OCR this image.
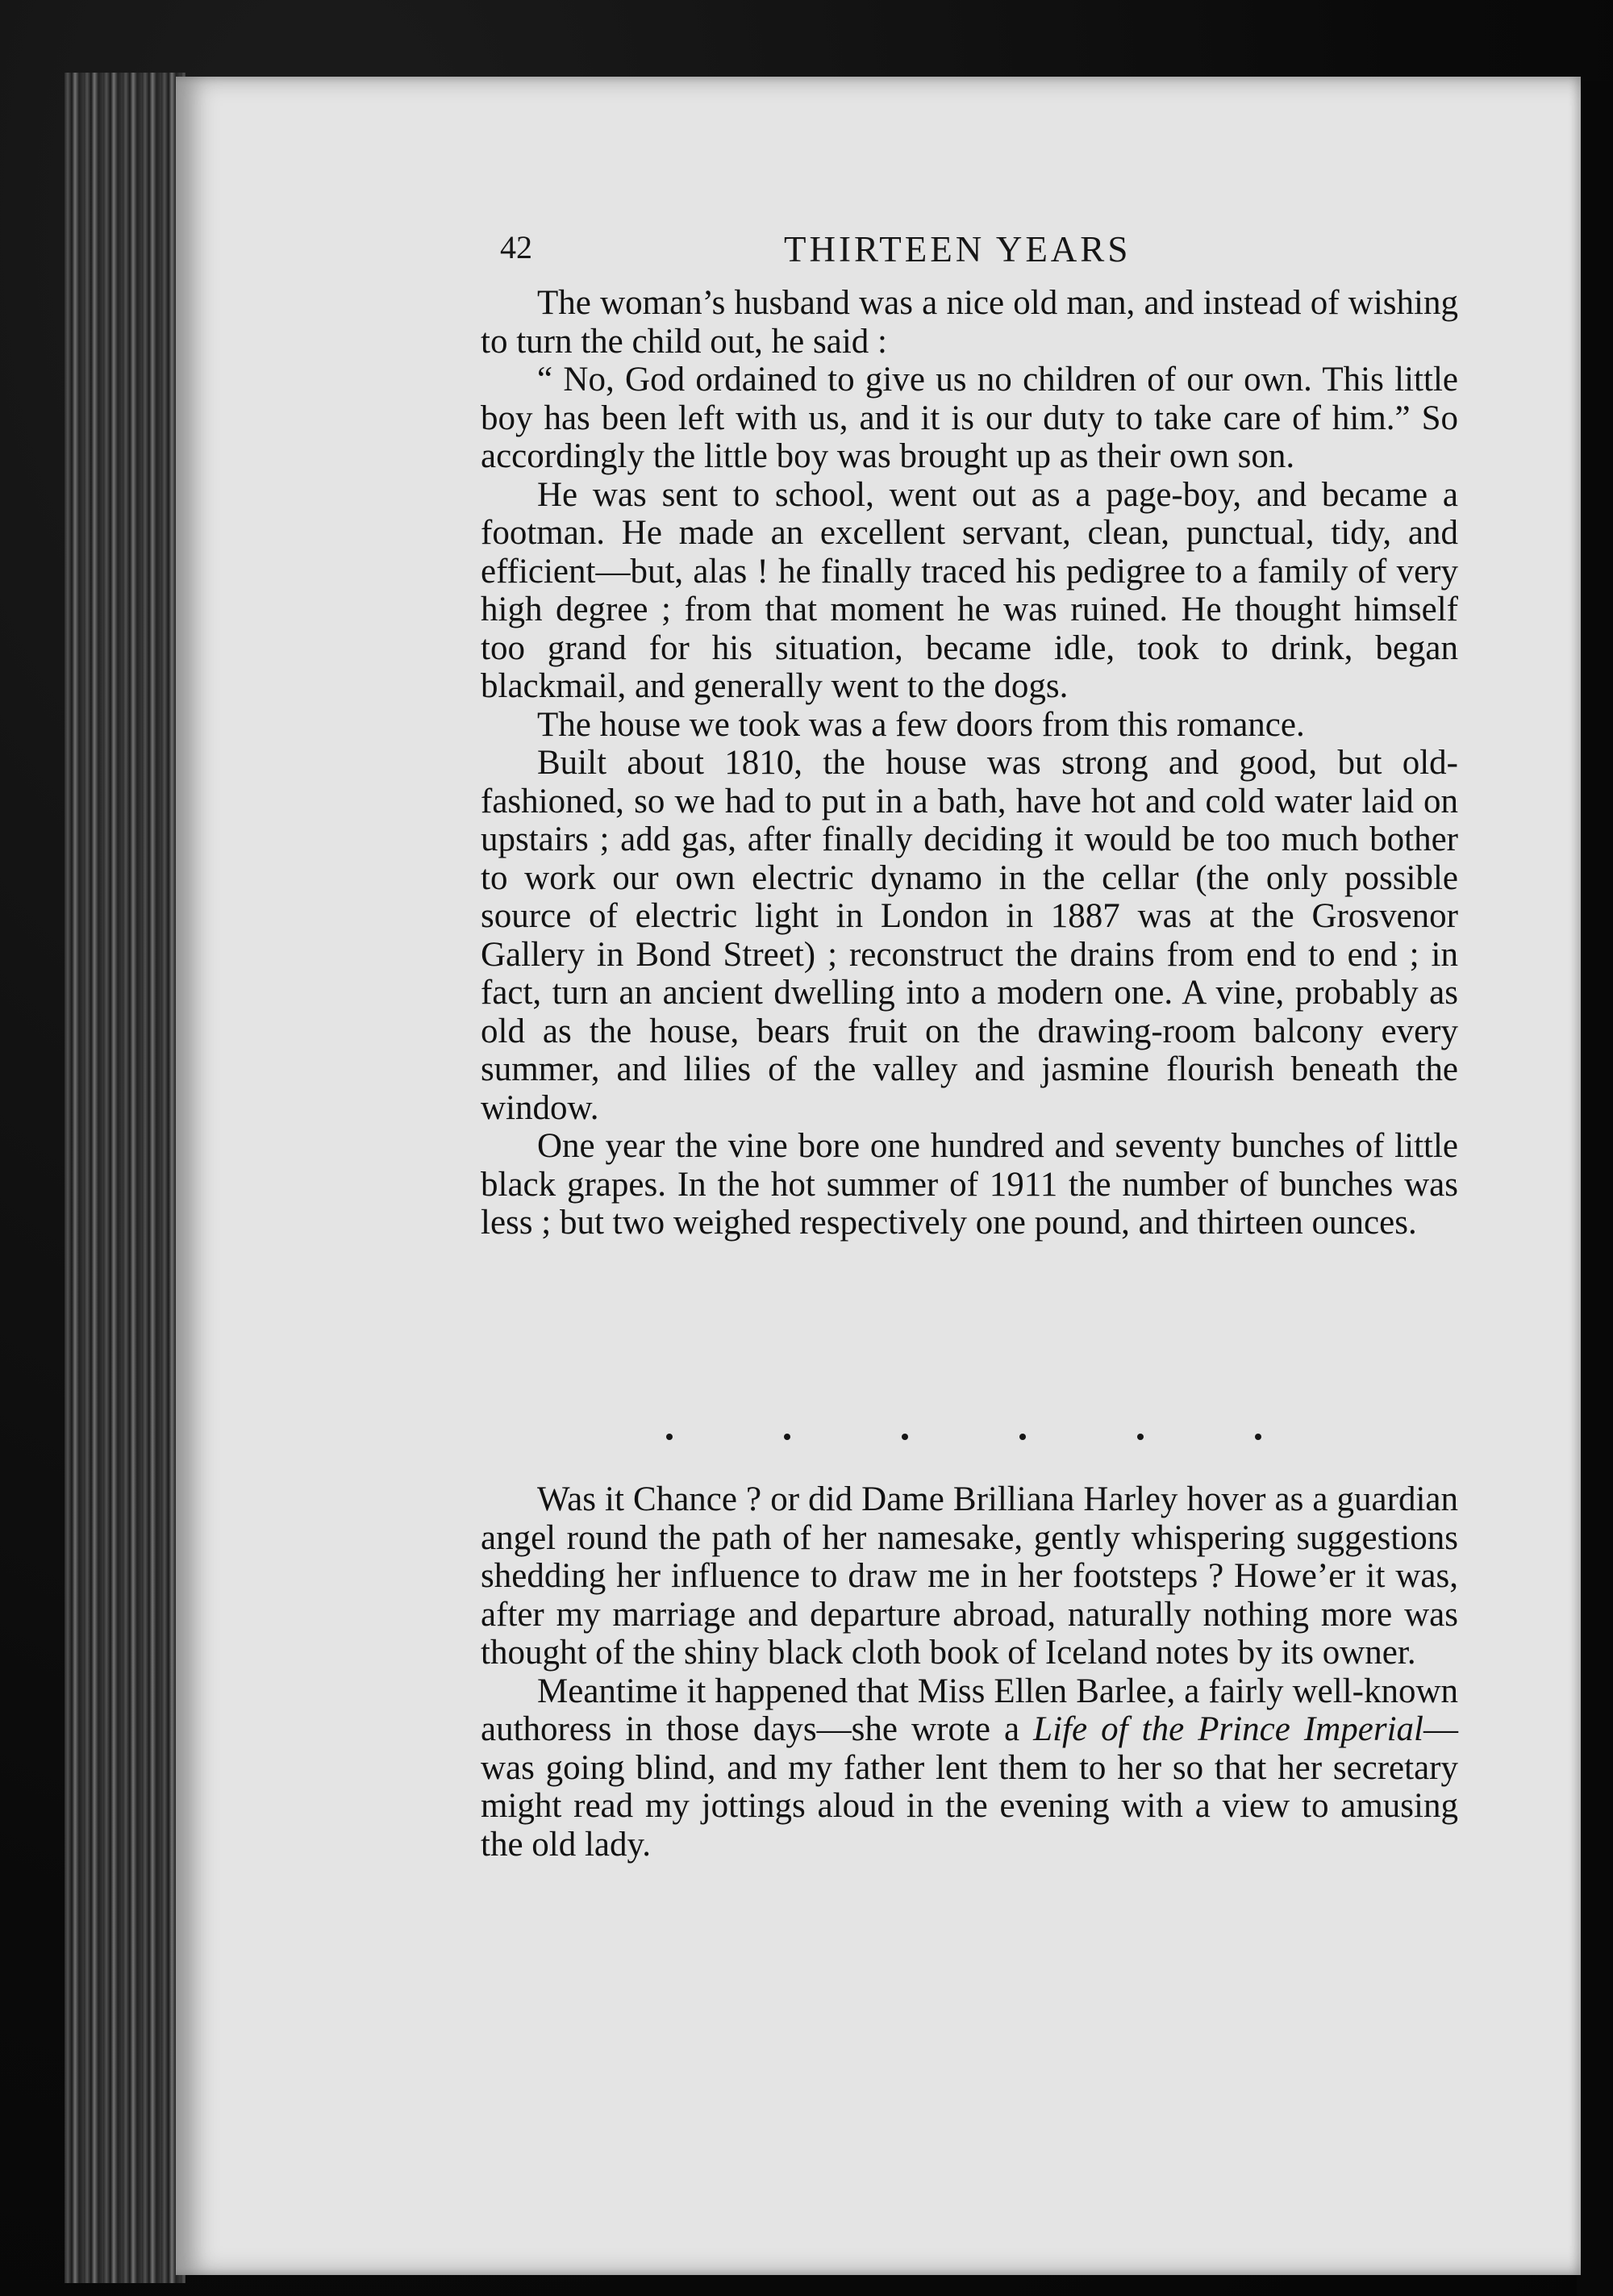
42	THIRTEEN YEARS

The woman’s husband was a nice old man, and instead of wishing to turn the child out, he said :

“ No, God ordained to give us no children of our own. This little boy has been left with us, and it is our duty to take care of him.” So accordingly the little boy was brought up as their own son.

He was sent to school, went out as a page-boy, and became a footman. He made an excellent servant, clean, punctual, tidy, and efficient—but, alas ! he finally traced his pedigree to a family of very high degree ; from that moment he was ruined. He thought himself too grand for his situation, became idle, took to drink, began blackmail, and generally went to the dogs.

The house we took was a few doors from this romance.

Built about 1810, the house was strong and good, but old-fashioned, so we had to put in a bath, have hot and cold water laid on upstairs ; add gas, after finally deciding it would be too much bother to work our own electric dynamo in the cellar (the only possible source of electric light in London in 1887 was at the Grosvenor Gallery in Bond Street) ; reconstruct the drains from end to end ; in fact, turn an ancient dwelling into a modern one. A vine, probably as old as the house, bears fruit on the drawing-room balcony every summer, and lilies of the valley and jasmine flourish beneath the window.

One year the vine bore one hundred and seventy bunches of little black grapes. In the hot summer of 1911 the number of bunches was less ; but two weighed respectively one pound, and thirteen ounces.

Was it Chance ? or did Dame Brilliana Harley hover as a guardian angel round the path of her namesake, gently whispering suggestions shedding her influence to draw me in her footsteps ? Howe’er it was, after my marriage and departure abroad, naturally nothing more was thought of the shiny black cloth book of Iceland notes by its owner.

Meantime it happened that Miss Ellen Barlee, a fairly well-known authoress in those days—she wrote a Life of the Prince Imperial—was going blind, and my father lent them to her so that her secretary might read my jottings aloud in the evening with a view to amusing the old lady.
